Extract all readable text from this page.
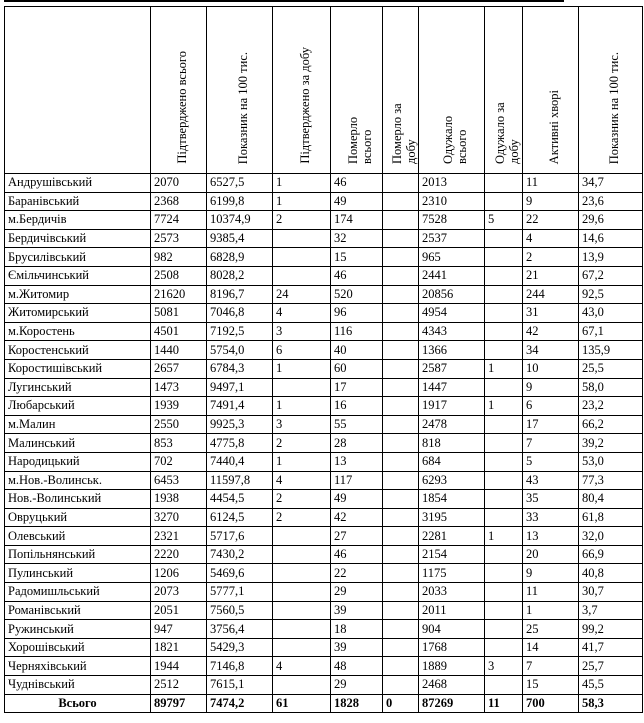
	Підтверджено всього	Показник на 100 тис.	Підтверджено за добу	Померло всього	Померло за добу	Одужало всього	Одужало за добу	Активні хворі	Показник на 100 тис.
Андрушівський	2070	6527,5	1	46		2013		11	34,7
Баранівський	2368	6199,8	1	49		2310		9	23,6
м.Бердичів	7724	10374,9	2	174		7528	5	22	29,6
Бердичівський	2573	9385,4		32		2537		4	14,6
Брусилівський	982	6828,9		15		965		2	13,9
Ємільчинський	2508	8028,2		46		2441		21	67,2
м.Житомир	21620	8196,7	24	520		20856		244	92,5
Житомирський	5081	7046,8	4	96		4954		31	43,0
м.Коростень	4501	7192,5	3	116		4343		42	67,1
Коростенський	1440	5754,0	6	40		1366		34	135,9
Коростишівський	2657	6784,3	1	60		2587	1	10	25,5
Лугинський	1473	9497,1		17		1447		9	58,0
Любарський	1939	7491,4	1	16		1917	1	6	23,2
м.Малин	2550	9925,3	3	55		2478		17	66,2
Малинський	853	4775,8	2	28		818		7	39,2
Народицький	702	7440,4	1	13		684		5	53,0
м.Нов.-Волинськ.	6453	11597,8	4	117		6293		43	77,3
Нов.-Волинський	1938	4454,5	2	49		1854		35	80,4
Овруцький	3270	6124,5	2	42		3195		33	61,8
Олевський	2321	5717,6		27		2281	1	13	32,0
Попільнянський	2220	7430,2		46		2154		20	66,9
Пулинський	1206	5469,6		22		1175		9	40,8
Радомишльський	2073	5777,1		29		2033		11	30,7
Романівський	2051	7560,5		39		2011		1	3,7
Ружинський	947	3756,4		18		904		25	99,2
Хорошівський	1821	5429,3		39		1768		14	41,7
Черняхівський	1944	7146,8	4	48		1889	3	7	25,7
Чуднівський	2512	7615,1		29		2468		15	45,5
Всього	89797	7474,2	61	1828	0	87269	11	700	58,3
